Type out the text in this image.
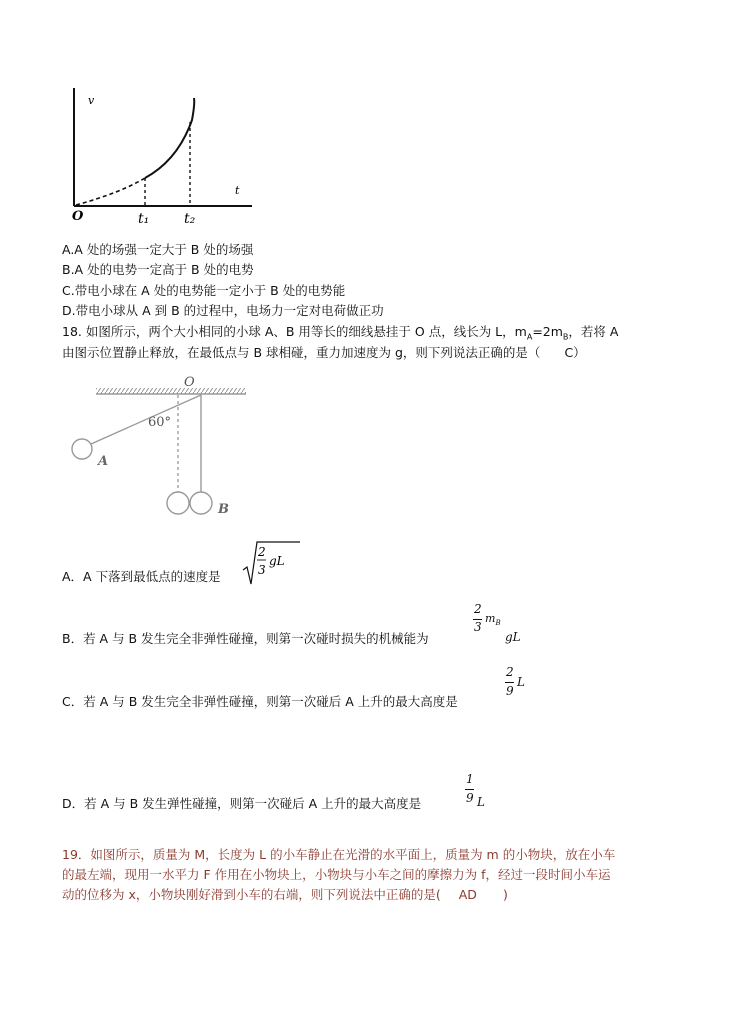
v
t
O	t₁ t₂
A.A 处的场强一定大于 B 处的场强
B.A 处的电势一定高于 B 处的电势
C.带电小球在 A 处的电势能一定小于 B 处的电势能
D.带电小球从 A 到 B 的过程中，电场力一定对电荷做正功
18. 如图所示，两个大小相同的小球 A、B 用等长的细线悬挂于 O 点，线长为 L，$m_A=2m_B$，若将 A
由图示位置静止释放，在最低点与 B 球相碰，重力加速度为 g，则下列说法正确的是（ C）
O
60°
A
B
A．A 下落到最低点的速度是
2
3
gL
B．若 A 与 B 发生完全非弹性碰撞，则第一次碰时损失的机械能为
2
3
$m_B$
gL
C．若 A 与 B 发生完全非弹性碰撞，则第一次碰后 A 上升的最大高度是
2
9
L
D．若 A 与 B 发生弹性碰撞，则第一次碰后 A 上升的最大高度是
1
9 L
19．如图所示，质量为 M，长度为 L 的小车静止在光滑的水平面上，质量为 m 的小物块，放在小车
的最左端，现用一水平力 F 作用在小物块上，小物块与小车之间的摩擦力为 f，经过一段时间小车运
动的位移为 x，小物块刚好滑到小车的右端，则下列说法中正确的是( AD )
